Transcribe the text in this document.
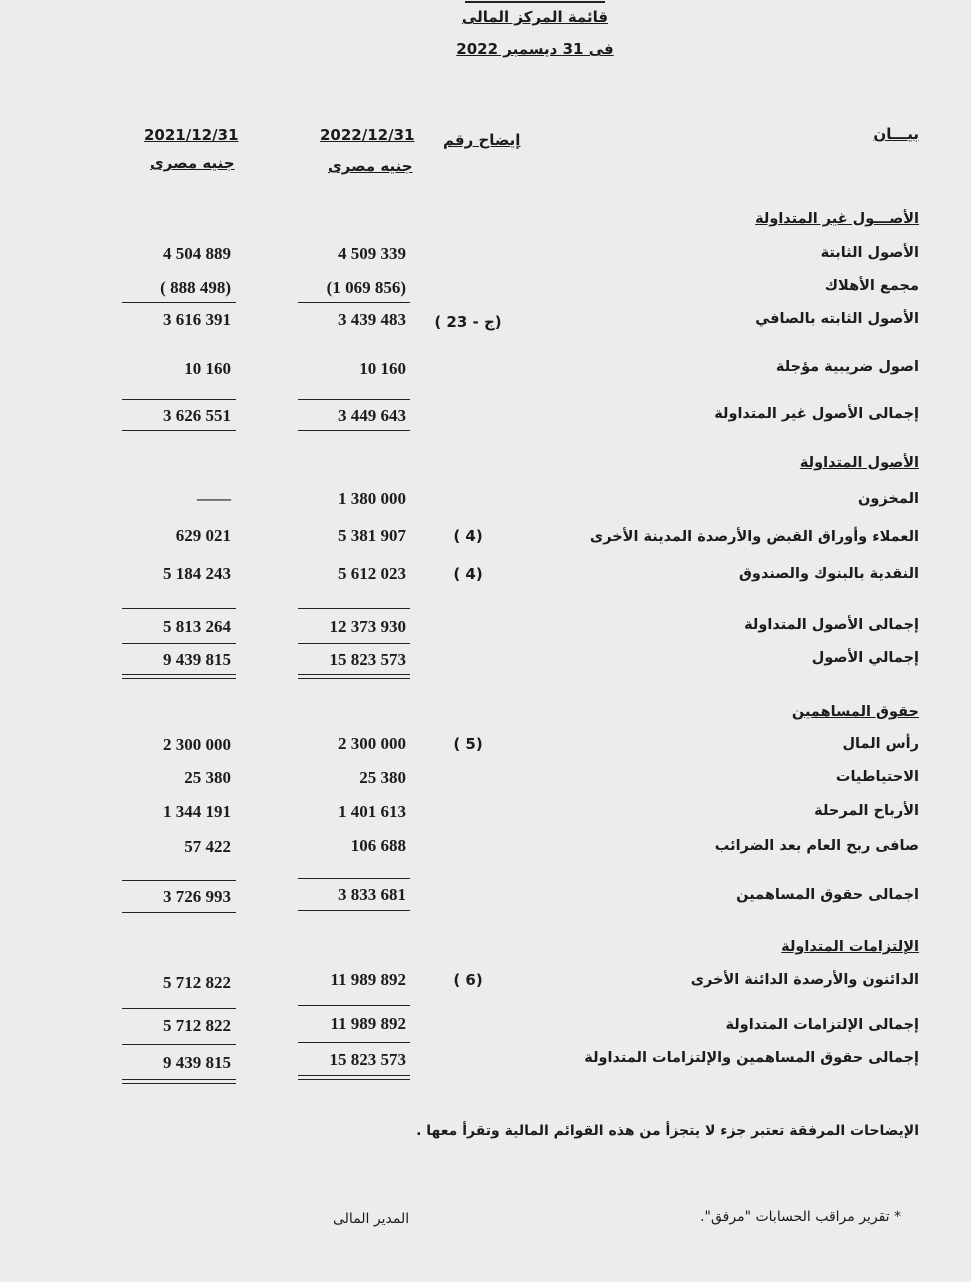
قائمة المركز المالى
فى 31 ديسمبر 2022
بيـــان
إيضاح رقم
2022/12/31
2021/12/31
جنيه مصرى
جنيه مصرى
الأصـــول غير المتداولة
الأصول الثابتة
4 509 339
4 504 889
مجمع الأهلاك
(1 069 856)
( 888 498)
الأصول الثابته بالصافي
( 2ج - 3)
3 439 483
3 616 391
اصول ضريبية مؤجلة
10 160
10 160
إجمالى الأصول غير المتداولة
3 449 643
3 626 551
الأصول المتداولة
المخزون
1 380 000
——
العملاء وأوراق القبض والأرصدة المدينة الأخرى
( 4)
5 381 907
629 021
النقدية بالبنوك والصندوق
( 4)
5 612 023
5 184 243
إجمالى الأصول المتداولة
12 373 930
5 813 264
إجمالي الأصول
15 823 573
9 439 815
حقوق المساهمين
رأس المال
( 5)
2 300 000
2 300 000
الاحتياطيات
25 380
25 380
الأرباح المرحلة
1 401 613
1 344 191
صافى ربح العام بعد الضرائب
106 688
57 422
اجمالى حقوق المساهمين
3 833 681
3 726 993
الإلتزامات المتداولة
الدائنون والأرصدة الدائنة الأخرى
( 6)
11 989 892
5 712 822
إجمالى الإلتزامات المتداولة
11 989 892
5 712 822
إجمالى حقوق المساهمين والإلتزامات المتداولة
15 823 573
9 439 815
الإيضاحات المرفقة تعتبر جزء لا يتجزأ من هذه القوائم المالية وتقرأ معها .
* تقرير مراقب الحسابات "مرفق".
المدير المالى
